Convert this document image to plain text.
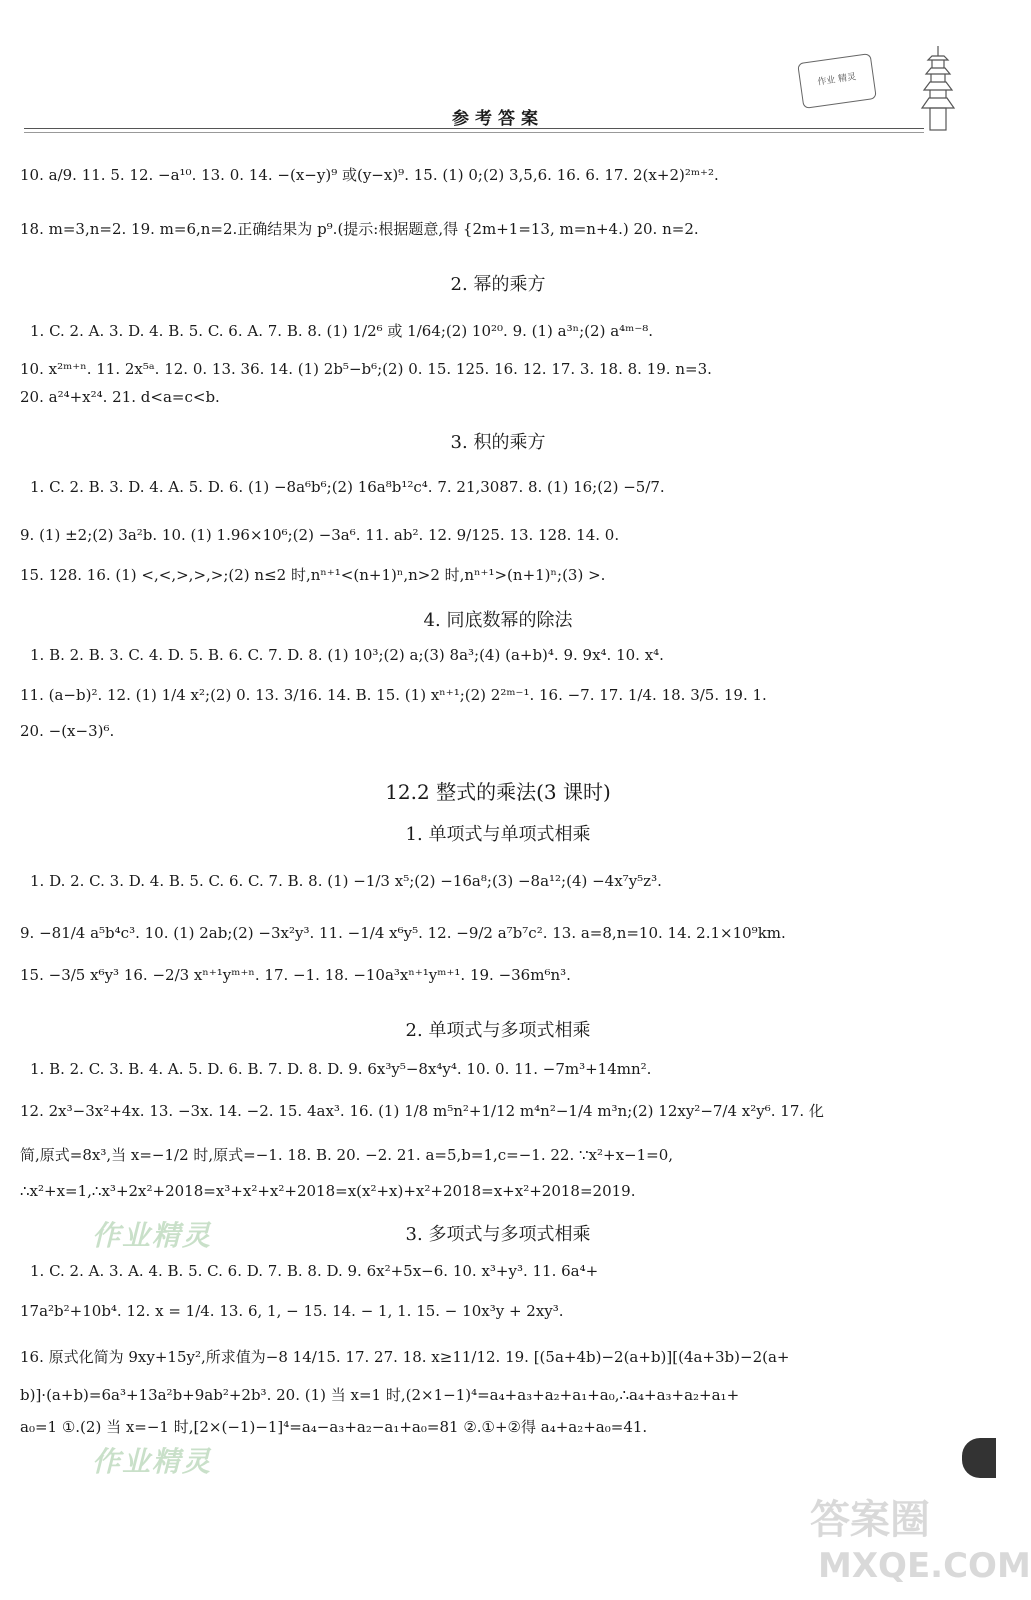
作业 精灵
参考答案
10. a/9. 11. 5. 12. −a¹⁰. 13. 0. 14. −(x−y)⁹ 或(y−x)⁹. 15. (1) 0;(2) 3,5,6. 16. 6. 17. 2(x+2)²ᵐ⁺².
18. m=3,n=2. 19. m=6,n=2.正确结果为 p⁹.(提示:根据题意,得 {2m+1=13, m=n+4.) 20. n=2.
2. 幂的乘方
1. C. 2. A. 3. D. 4. B. 5. C. 6. A. 7. B. 8. (1) 1/2⁶ 或 1/64;(2) 10²⁰. 9. (1) a³ⁿ;(2) a⁴ᵐ⁻⁸.
10. x²ᵐ⁺ⁿ. 11. 2x⁵ᵃ. 12. 0. 13. 36. 14. (1) 2b⁵−b⁶;(2) 0. 15. 125. 16. 12. 17. 3. 18. 8. 19. n=3.
20. a²⁴+x²⁴. 21. d<a=c<b.
3. 积的乘方
1. C. 2. B. 3. D. 4. A. 5. D. 6. (1) −8a⁶b⁶;(2) 16a⁸b¹²c⁴. 7. 21,3087. 8. (1) 16;(2) −5/7.
9. (1) ±2;(2) 3a²b. 10. (1) 1.96×10⁶;(2) −3a⁶. 11. ab². 12. 9/125. 13. 128. 14. 0.
15. 128. 16. (1) <,<,>,>,>;(2) n≤2 时,nⁿ⁺¹<(n+1)ⁿ,n>2 时,nⁿ⁺¹>(n+1)ⁿ;(3) >.
4. 同底数幂的除法
1. B. 2. B. 3. C. 4. D. 5. B. 6. C. 7. D. 8. (1) 10³;(2) a;(3) 8a³;(4) (a+b)⁴. 9. 9x⁴. 10. x⁴.
11. (a−b)². 12. (1) 1/4 x²;(2) 0. 13. 3/16. 14. B. 15. (1) xⁿ⁺¹;(2) 2²ᵐ⁻¹. 16. −7. 17. 1/4. 18. 3/5. 19. 1.
20. −(x−3)⁶.
12.2 整式的乘法(3 课时)
1. 单项式与单项式相乘
1. D. 2. C. 3. D. 4. B. 5. C. 6. C. 7. B. 8. (1) −1/3 x⁵;(2) −16a⁸;(3) −8a¹²;(4) −4x⁷y⁵z³.
9. −81/4 a⁵b⁴c³. 10. (1) 2ab;(2) −3x²y³. 11. −1/4 x⁶y⁵. 12. −9/2 a⁷b⁷c². 13. a=8,n=10. 14. 2.1×10⁹km.
15. −3/5 x⁶y³ 16. −2/3 xⁿ⁺¹yᵐ⁺ⁿ. 17. −1. 18. −10a³xⁿ⁺¹yᵐ⁺¹. 19. −36m⁶n³.
2. 单项式与多项式相乘
1. B. 2. C. 3. B. 4. A. 5. D. 6. B. 7. D. 8. D. 9. 6x³y⁵−8x⁴y⁴. 10. 0. 11. −7m³+14mn².
12. 2x³−3x²+4x. 13. −3x. 14. −2. 15. 4ax³. 16. (1) 1/8 m⁵n²+1/12 m⁴n²−1/4 m³n;(2) 12xy²−7/4 x²y⁶. 17. 化
简,原式=8x³,当 x=−1/2 时,原式=−1. 18. B. 20. −2. 21. a=5,b=1,c=−1. 22. ∵x²+x−1=0,
∴x²+x=1,∴x³+2x²+2018=x³+x²+x²+2018=x(x²+x)+x²+2018=x+x²+2018=2019.
3. 多项式与多项式相乘
1. C. 2. A. 3. A. 4. B. 5. C. 6. D. 7. B. 8. D. 9. 6x²+5x−6. 10. x³+y³. 11. 6a⁴+
17a²b²+10b⁴. 12. x = 1/4. 13. 6, 1, − 15. 14. − 1, 1. 15. − 10x³y + 2xy³.
16. 原式化简为 9xy+15y²,所求值为−8 14/15. 17. 27. 18. x≥11/12. 19. [(5a+4b)−2(a+b)][(4a+3b)−2(a+
b)]·(a+b)=6a³+13a²b+9ab²+2b³. 20. (1) 当 x=1 时,(2×1−1)⁴=a₄+a₃+a₂+a₁+a₀,∴a₄+a₃+a₂+a₁+
a₀=1 ①.(2) 当 x=−1 时,[2×(−1)−1]⁴=a₄−a₃+a₂−a₁+a₀=81 ②.①+②得 a₄+a₂+a₀=41.
作业精灵
作业精灵
答案圈
MXQE.COM
